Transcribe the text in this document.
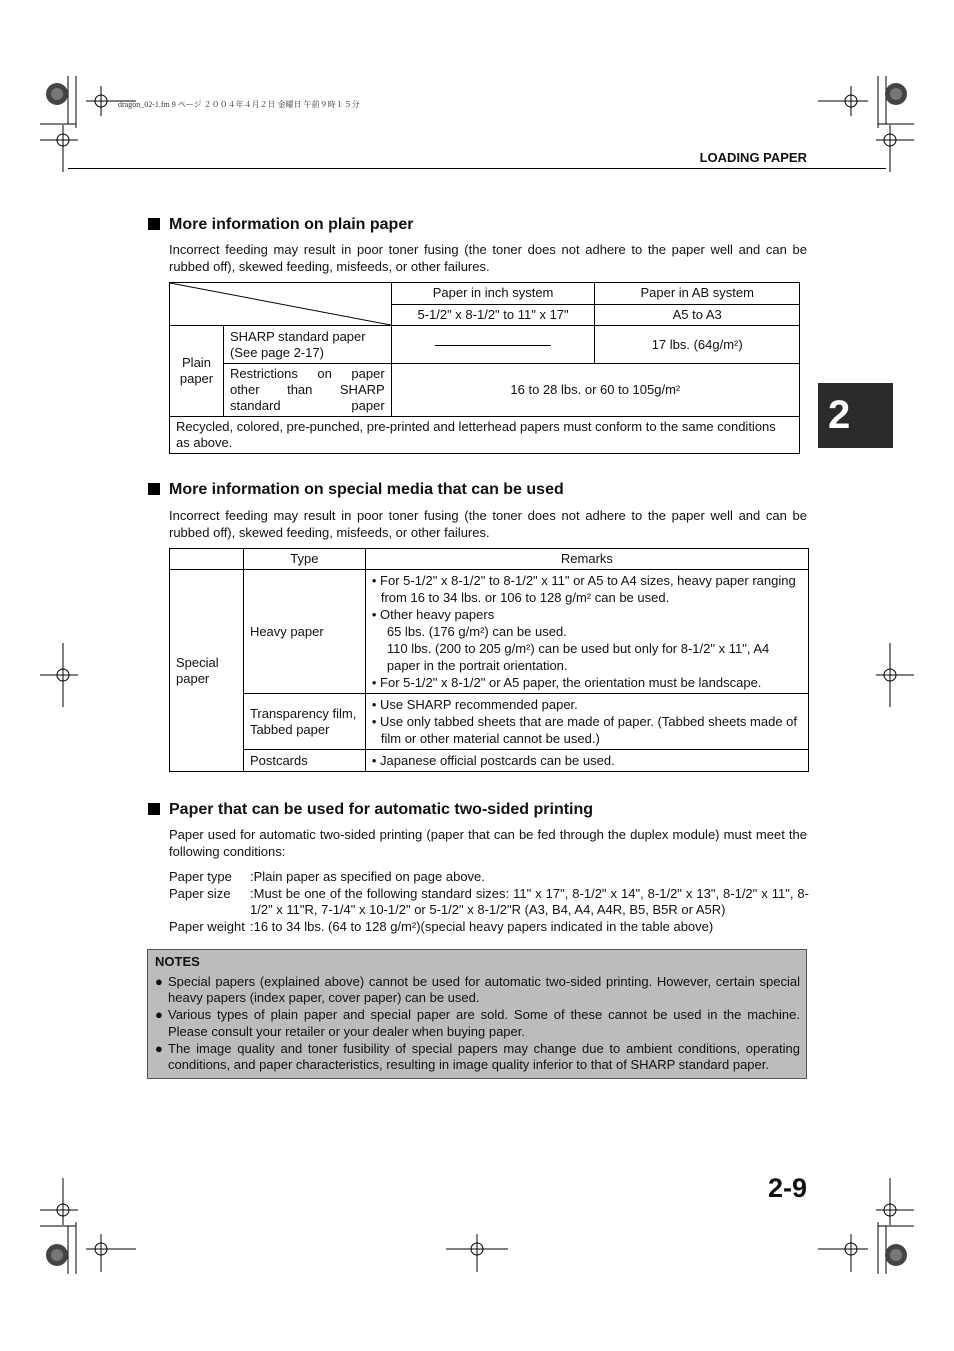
dragon_02-1.fm 9 ページ ２００４年４月２日 金曜日 午前９時１５分
LOADING PAPER
2
More information on plain paper
Incorrect feeding may result in poor toner fusing (the toner does not adhere to the paper well and can be rubbed off), skewed feeding, misfeeds, or other failures.
	Paper in inch system	Paper in AB system
		5-1/2" x 8-1/2" to 11" x 17"	A5 to A3
Plain paper	SHARP standard paper (See page 2-17)		17 lbs. (64g/m²)
	Restrictions on paper other than SHARP standard paper	16 to 28 lbs. or 60 to 105g/m²	
Recycled, colored, pre-punched, pre-printed and letterhead papers must conform to the same conditions as above.			
More information on special media that can be used
Incorrect feeding may result in poor toner fusing (the toner does not adhere to the paper well and can be rubbed off), skewed feeding, misfeeds, or other failures.
	Type	Remarks
Special paper	Heavy paper	• For 5-1/2" x 8-1/2" to 8-1/2" x 11" or A5 to A4 sizes, heavy paper ranging from 16 to 34 lbs. or 106 to 128 g/m² can be used.
• Other heavy papers
65 lbs. (176 g/m²) can be used.
110 lbs. (200 to 205 g/m²) can be used but only for 8-1/2" x 11", A4 paper in the portrait orientation.
• For 5-1/2" x 8-1/2" or A5 paper, the orientation must be landscape.

	Transparency film, Tabbed paper	• Use SHARP recommended paper.
• Use only tabbed sheets that are made of paper. (Tabbed sheets made of film or other material cannot be used.)

	Postcards	• Japanese official postcards can be used.
Paper that can be used for automatic two-sided printing
Paper used for automatic two-sided printing (paper that can be fed through the duplex module) must meet the following conditions:
Paper type	:Plain paper as specified on page above.
Paper size	:Must be one of the following standard sizes: 11" x 17", 8-1/2" x 14", 8-1/2" x 13", 8-1/2" x 11", 8-1/2" x 11"R, 7-1/4" x 10-1/2" or 5-1/2" x 8-1/2"R (A3, B4, A4, A4R, B5, B5R or A5R)
Paper weight :16 to 34 lbs. (64 to 128 g/m²)(special heavy papers indicated in the table above)
NOTES
● Special papers (explained above) cannot be used for automatic two-sided printing. However, certain special heavy papers (index paper, cover paper) can be used.
● Various types of plain paper and special paper are sold. Some of these cannot be used in the machine. Please consult your retailer or your dealer when buying paper.
● The image quality and toner fusibility of special papers may change due to ambient conditions, operating conditions, and paper characteristics, resulting in image quality inferior to that of SHARP standard paper.
2-9
